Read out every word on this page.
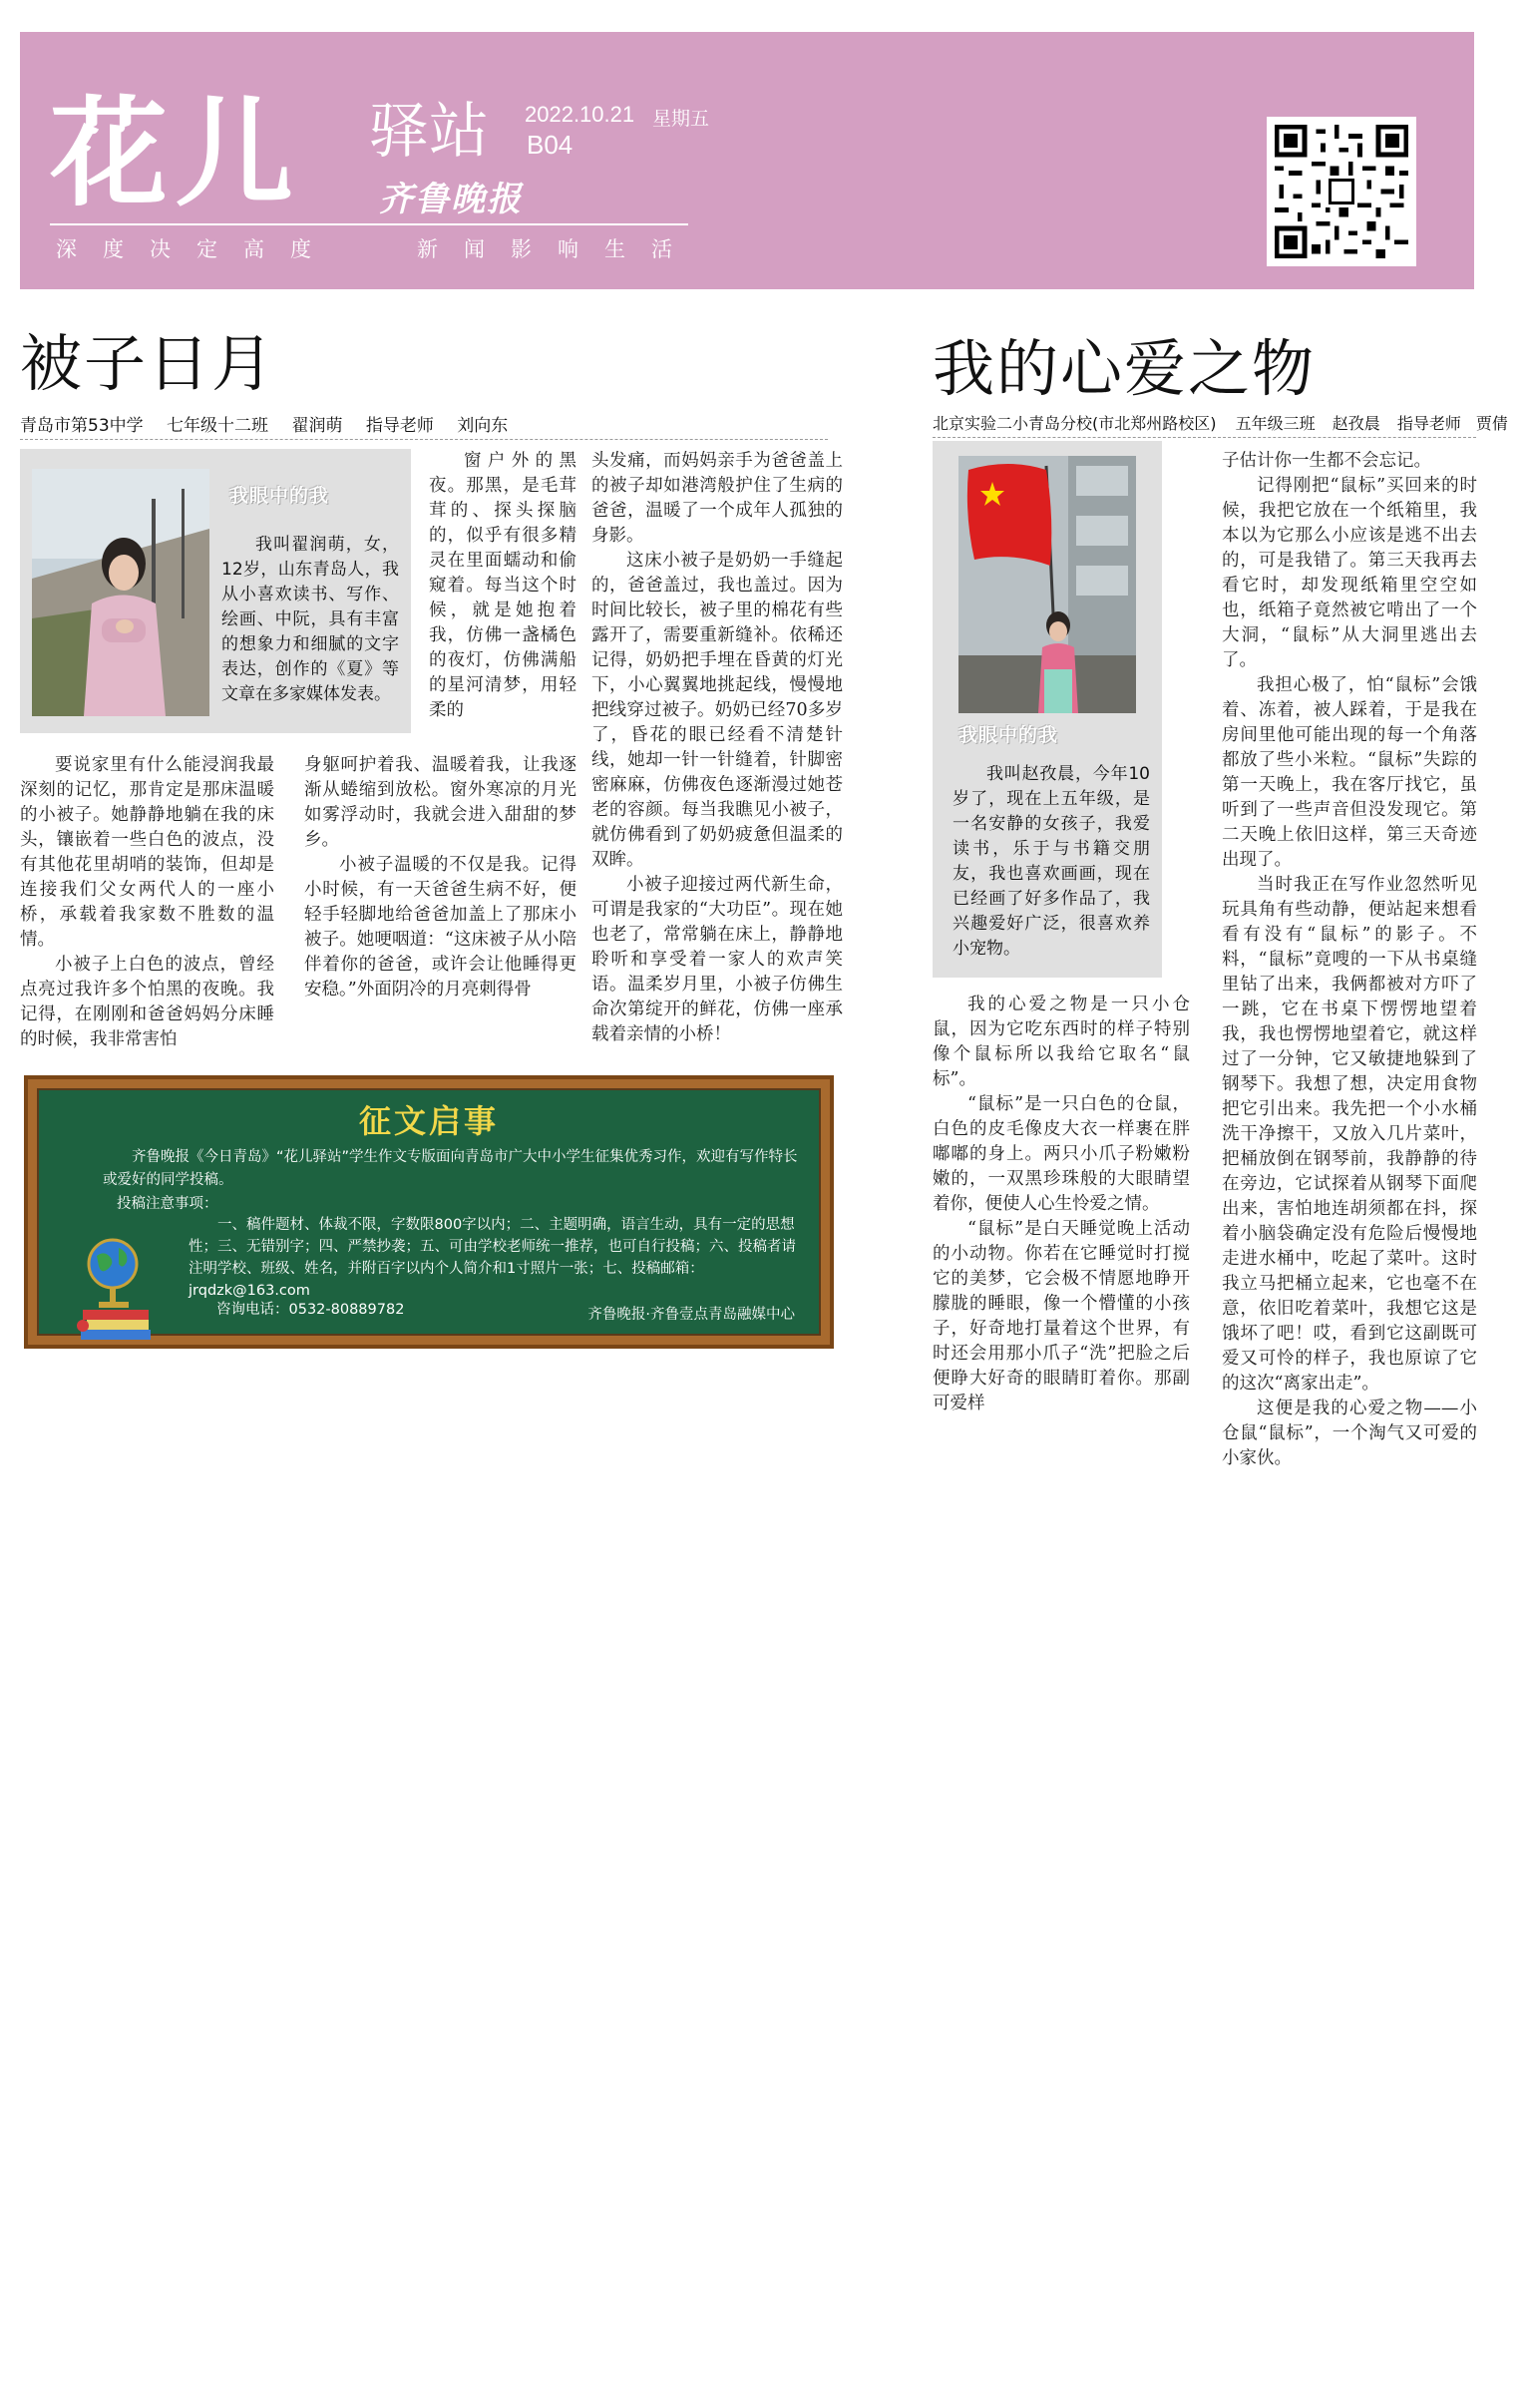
花儿 驿站 2022.10.21 星期五
B04
齐鲁晚报
深度决定高度	新闻影响生活
被子日月
青岛市第53中学 七年级十二班 翟润萌 指导老师 刘向东
我眼中的我

我叫翟润萌，女，12岁，山东青岛人，我从小喜欢读书、写作、绘画、中阮，具有丰富的想象力和细腻的文字表达，创作的《夏》等文章在多家媒体发表。

要说家里有什么能浸润我最深刻的记忆，那肯定是那床温暖的小被子。她静静地躺在我的床头，镶嵌着一些白色的波点，没有其他花里胡哨的装饰，但却是连接我们父女两代人的一座小桥，承载着我家数不胜数的温情。

小被子上白色的波点，曾经点亮过我许多个怕黑的夜晚。我记得，在刚刚和爸爸妈妈分床睡的时候，我非常害怕

窗户外的黑夜。那黑，是毛茸茸的、探头探脑的，似乎有很多精灵在里面蠕动和偷窥着。每当这个时候，就是她抱着我，仿佛一盏橘色的夜灯，仿佛满船的星河清梦，用轻柔的

身躯呵护着我、温暖着我，让我逐渐从蜷缩到放松。窗外寒凉的月光如雾浮动时，我就会进入甜甜的梦乡。

小被子温暖的不仅是我。记得小时候，有一天爸爸生病不好，便轻手轻脚地给爸爸加盖上了那床小被子。她哽咽道：“这床被子从小陪伴着你的爸爸，或许会让他睡得更安稳。”外面阴冷的月亮刺得骨

头发痛，而妈妈亲手为爸爸盖上的被子却如港湾般护住了生病的爸爸，温暖了一个成年人孤独的身影。

这床小被子是奶奶一手缝起的，爸爸盖过，我也盖过。因为时间比较长，被子里的棉花有些露开了，需要重新缝补。依稀还记得，奶奶把手埋在昏黄的灯光下，小心翼翼地挑起线，慢慢地把线穿过被子。奶奶已经70多岁了，昏花的眼已经看不清楚针线，她却一针一针缝着，针脚密密麻麻，仿佛夜色逐渐漫过她苍老的容颜。每当我瞧见小被子，就仿佛看到了奶奶疲惫但温柔的双眸。

小被子迎接过两代新生命，可谓是我家的“大功臣”。现在她也老了，常常躺在床上，静静地聆听和享受着一家人的欢声笑语。温柔岁月里，小被子仿佛生命次第绽开的鲜花，仿佛一座承载着亲情的小桥！

征文启事
齐鲁晚报《今日青岛》“花儿驿站”学生作文专版面向青岛市广大中小学生征集优秀习作，欢迎有写作特长或爱好的同学投稿。
投稿注意事项：
一、稿件题材、体裁不限，字数限800字以内；二、主题明确，语言生动，具有一定的思想性；三、无错别字；四、严禁抄袭；五、可由学校老师统一推荐，也可自行投稿；六、投稿者请注明学校、班级、姓名，并附百字以内个人简介和1寸照片一张；七、投稿邮箱：jrqdzk@163.com
咨询电话：0532-80889782	齐鲁晚报·齐鲁壹点青岛融媒中心
我的心爱之物
北京实验二小青岛分校(市北郑州路校区) 五年级三班 赵孜晨 指导老师 贾倩
我眼中的我

我叫赵孜晨，今年10岁了，现在上五年级，是一名安静的女孩子，我爱读书，乐于与书籍交朋友，我也喜欢画画，现在已经画了好多作品了，我兴趣爱好广泛，很喜欢养小宠物。

我的心爱之物是一只小仓鼠，因为它吃东西时的样子特别像个鼠标所以我给它取名“鼠标”。

“鼠标”是一只白色的仓鼠，白色的皮毛像皮大衣一样裹在胖嘟嘟的身上。两只小爪子粉嫩粉嫩的，一双黑珍珠般的大眼睛望着你，便使人心生怜爱之情。

“鼠标”是白天睡觉晚上活动的小动物。你若在它睡觉时打搅它的美梦，它会极不情愿地睁开朦胧的睡眼，像一个懵懂的小孩子，好奇地打量着这个世界，有时还会用那小爪子“洗”把脸之后便睁大好奇的眼睛盯着你。那副可爱样

子估计你一生都不会忘记。

记得刚把“鼠标”买回来的时候，我把它放在一个纸箱里，我本以为它那么小应该是逃不出去的，可是我错了。第三天我再去看它时，却发现纸箱里空空如也，纸箱子竟然被它啃出了一个大洞，“鼠标”从大洞里逃出去了。

我担心极了，怕“鼠标”会饿着、冻着，被人踩着，于是我在房间里他可能出现的每一个角落都放了些小米粒。“鼠标”失踪的第一天晚上，我在客厅找它，虽听到了一些声音但没发现它。第二天晚上依旧这样，第三天奇迹出现了。

当时我正在写作业忽然听见玩具角有些动静，便站起来想看看有没有“鼠标”的影子。不料，“鼠标”竟嗖的一下从书桌缝里钻了出来，我俩都被对方吓了一跳，它在书桌下愣愣地望着我，我也愣愣地望着它，就这样过了一分钟，它又敏捷地躲到了钢琴下。我想了想，决定用食物把它引出来。我先把一个小水桶洗干净擦干，又放入几片菜叶，把桶放倒在钢琴前，我静静的待在旁边，它试探着从钢琴下面爬出来，害怕地连胡须都在抖，探着小脑袋确定没有危险后慢慢地走进水桶中，吃起了菜叶。这时我立马把桶立起来，它也毫不在意，依旧吃着菜叶，我想它这是饿坏了吧！哎，看到它这副既可爱又可怜的样子，我也原谅了它的这次“离家出走”。

这便是我的心爱之物——小仓鼠“鼠标”，一个淘气又可爱的小家伙。
